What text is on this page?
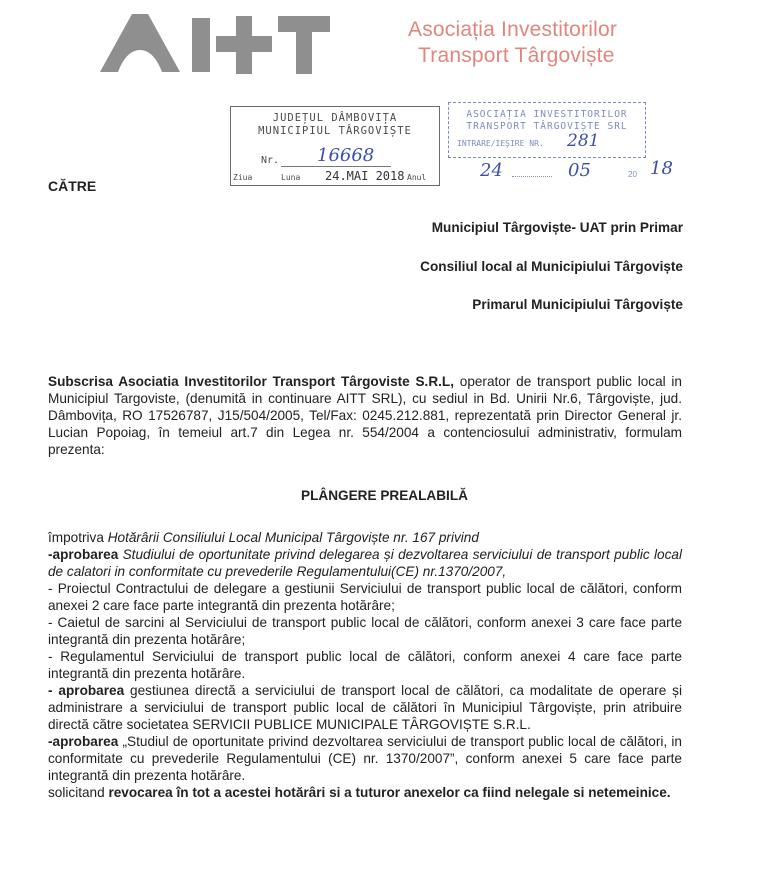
Asociația Investitorilor
Transport Târgoviște
JUDEȚUL DÂMBOVIȚA
MUNICIPIUL TÂRGOVIȘTE
Nr. 16668
Ziua	Luna 24.MAI 2018 Anul
ASOCIAȚIA INVESTITORILOR
TRANSPORT TÂRGOVIȘTE SRL
INTRARE/IEȘIRE NR. 281
24	05	20 18
CĂTRE
Municipiul Târgoviște- UAT prin Primar
Consiliul local al Municipiului Târgoviște
Primarul Municipiului Târgoviște
Subscrisa Asociatia Investitorilor Transport Târgoviste S.R.L, operator de transport public local in Municipiul Targoviste, (denumită in continuare AITT SRL), cu sediul in Bd. Unirii Nr.6, Târgoviște, jud. Dâmbovița, RO 17526787, J15/504/2005, Tel/Fax: 0245.212.881, reprezentată prin Director General jr. Lucian Popoiag, în temeiul art.7 din Legea nr. 554/2004 a contenciosului administrativ, formulam prezenta:
PLÂNGERE PREALABILĂ
împotriva Hotărârii Consiliului Local Municipal Târgoviște nr. 167 privind
-aprobarea Studiului de oportunitate privind delegarea și dezvoltarea serviciului de transport public local de calatori in conformitate cu prevederile Regulamentului(CE) nr.1370/2007,
- Proiectul Contractului de delegare a gestiunii Serviciului de transport public local de călători, conform anexei 2 care face parte integrantă din prezenta hotărâre;
- Caietul de sarcini al Serviciului de transport public local de călători, conform anexei 3 care face parte integrantă din prezenta hotărâre;
- Regulamentul Serviciului de transport public local de călători, conform anexei 4 care face parte integrantă din prezenta hotărâre.
- aprobarea gestiunea directă a serviciului de transport local de călători, ca modalitate de operare și administrare a serviciului de transport public local de călători în Municipiul Târgoviște, prin atribuire directă către societatea SERVICII PUBLICE MUNICIPALE TÂRGOVIȘTE S.R.L.
-aprobarea „Studiul de oportunitate privind dezvoltarea serviciului de transport public local de călători, in conformitate cu prevederile Regulamentului (CE) nr. 1370/2007”, conform anexei 5 care face parte integrantă din prezenta hotărâre.
solicitand revocarea în tot a acestei hotărâri si a tuturor anexelor ca fiind nelegale si netemeinice.
